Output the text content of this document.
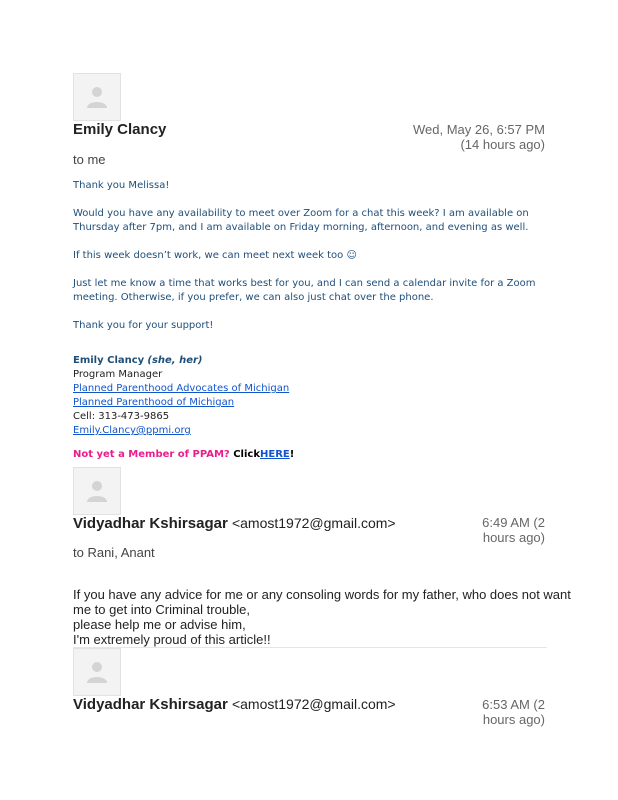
Emily Clancy	Wed, May 26, 6:57 PM
(14 hours ago)
to me

Thank you Melissa!

Would you have any availability to meet over Zoom for a chat this week? I am available on Thursday after 7pm, and I am available on Friday morning, afternoon, and evening as well.

If this week doesn’t work, we can meet next week too ☺

Just let me know a time that works best for you, and I can send a calendar invite for a Zoom meeting. Otherwise, if you prefer, we can also just chat over the phone.

Thank you for your support!

Emily Clancy (she, her)
Program Manager
Planned Parenthood Advocates of Michigan
Planned Parenthood of Michigan
Cell: 313-473-9865
Emily.Clancy@ppmi.org
Not yet a Member of PPAM? ClickHERE!
Vidyadhar Kshirsagar <amost1972@gmail.com>	6:49 AM (2
hours ago)
to Rani, Anant
If you have any advice for me or any consoling words for my father, who does not want
me to get into Criminal trouble,
please help me or advise him,
I'm extremely proud of this article!!
Vidyadhar Kshirsagar <amost1972@gmail.com>	6:53 AM (2
hours ago)
